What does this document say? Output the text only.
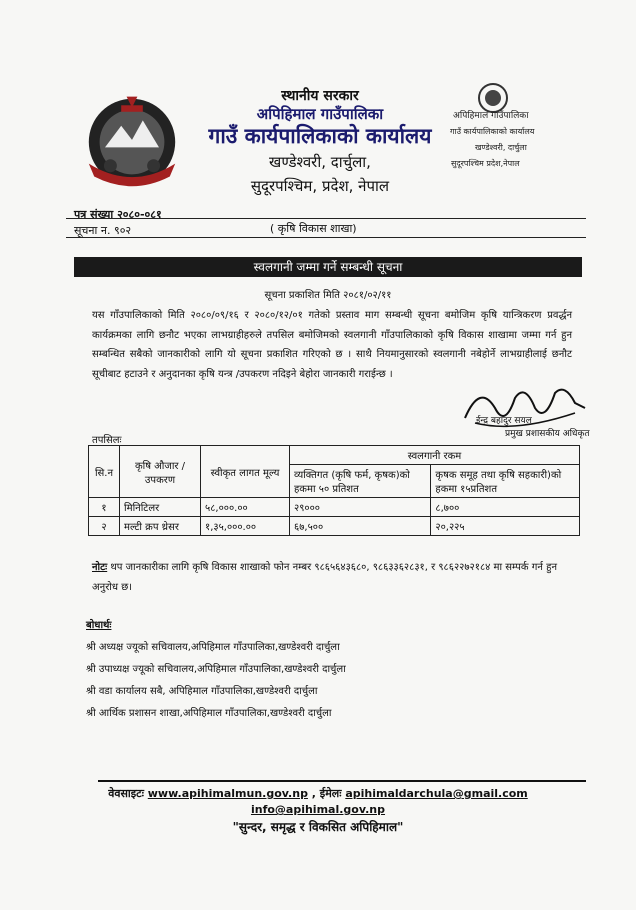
स्थानीय सरकार
अपिहिमाल गाउँपालिका
गाउँ कार्यपालिकाको कार्यालय
खण्डेश्वरी, दार्चुला,
सुदूरपश्चिम, प्रदेश, नेपाल
अपिहिमाल गाउँपालिका
गाउँ कार्यपालिकाको कार्यालय
खण्डेश्वरी, दार्चुला
सुदूरपश्चिम प्रदेश,नेपाल
पत्र संख्या २०८०-०८१
सूचना न. ९०२	( कृषि विकास शाखा)
स्वलगानी जम्मा गर्ने सम्बन्धी सूचना
सूचना प्रकाशित मिति २०८१/०२/११
यस गाँउपालिकाको मिति २०८०/०९/१६ र २०८०/१२/०१ गतेको प्रस्ताव माग सम्बन्धी सूचना बमोजिम कृषि यान्त्रिकरण प्रवर्द्धन कार्यक्रमका लागि छनौट भएका लाभग्राहीहरुले तपसिल बमोजिमको स्वलगानी गाँउपालिकाको कृषि विकास शाखामा जम्मा गर्न हुन सम्बन्धित सबैको जानकारीको लागि यो सूचना प्रकाशित गरिएको छ । साथै नियमानुसारको स्वलगानी नबेहोर्ने लाभग्राहीलाई छनौट सूचीबाट हटाउने र अनुदानका कृषि यन्त्र /उपकरण नदिइने बेहोरा जानकारी गराईन्छ ।
ईन्द्र बहादुर सयल
प्रमुख प्रशासकीय अधिकृत
तपसिलः
सि.न	कृषि औजार /उपकरण	स्वीकृत लागत मूल्य	स्वलगानी रकम	
			व्यक्तिगत (कृषि फर्म, कृषक)को हकमा ५० प्रतिशत	कृषक समूह तथा कृषि सहकारी)को हकमा १५प्रतिशत
१	मिनिटिलर	५८,०००.००	२९०००	८,७००
२	मल्टी क्रप थ्रेसर	१,३५,०००.००	६७,५००	२०,२२५
नोटः थप जानकारीका लागि कृषि विकास शाखाको फोन नम्बर ९८६५६४३६८०, ९८६३३६२८३१, र ९८६२२७२१८४ मा सम्पर्क गर्न हुन अनुरोध छ।
बोधार्थः
श्री अध्यक्ष ज्यूको सचिवालय,अपिहिमाल गाँउपालिका,खण्डेश्वरी दार्चुला
श्री उपाध्यक्ष ज्यूको सचिवालय,अपिहिमाल गाँउपालिका,खण्डेश्वरी दार्चुला
श्री वडा कार्यालय सबै, अपिहिमाल गाँउपालिका,खण्डेश्वरी दार्चुला
श्री आर्थिक प्रशासन शाखा,अपिहिमाल गाँउपालिका,खण्डेश्वरी दार्चुला
वेवसाइटः www.apihimalmun.gov.np , ईमेलः apihimaldarchula@gmail.com
info@apihimal.gov.np
"सुन्दर, समृद्ध र विकसित अपिहिमाल"
